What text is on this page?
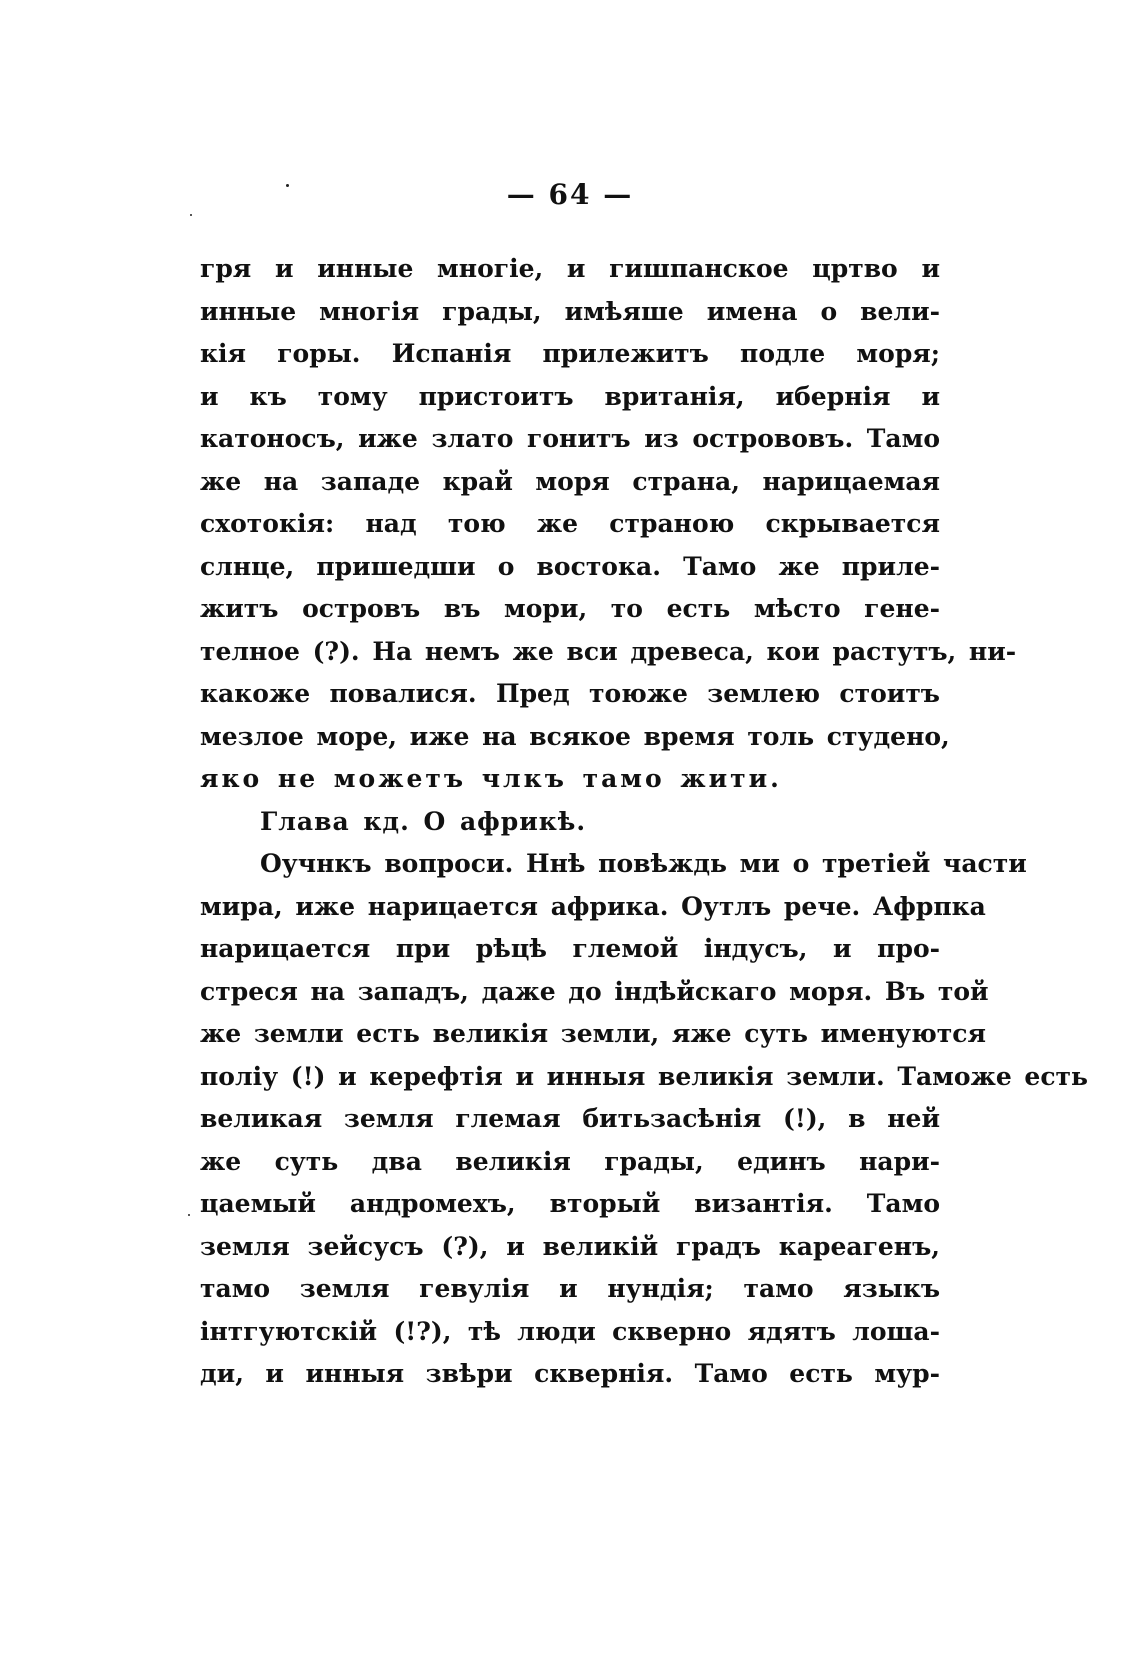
— 64 —
гря и инные многіе, и гишпанское цртво и
инные многія грады, имѣяше имена о вели-
кія горы. Испанія прилежитъ подле моря;
и къ тому пристоитъ вританія, ибернія и
катоносъ, иже злато гонитъ из острововъ. Тамо
же на западе край моря страна, нарицаемая
схотокія: над тою же страною скрывается
слнце, пришедши о востока. Тамо же приле-
житъ островъ въ мори, то есть мѣсто гене-
телное (?). На немъ же вси древеса, кои растутъ, ни-
какоже повалися. Пред тоюже землею стоитъ
мезлое море, иже на всякое время толь студено,
яко не можетъ члкъ тамо жити.
Глава кд. О африкѣ.
Оучнкъ вопроси. Ннѣ повѣждь ми о третіей части
мира, иже нарицается африка. Оутлъ рече. Афрпка
нарицается при рѣцѣ глемой індусъ, и про-
стреся на западъ, даже до індѣйскаго моря. Въ той
же земли есть великія земли, яже суть именуются
поліу (!) и керефтія и инныя великія земли. Таможе есть
великая земля глемая битьзасѣнія (!), в ней
же суть два великія грады, единъ нари-
цаемый андромехъ, вторый византія. Тамо
земля зейсусъ (?), и великій градъ кареагенъ,
тамо земля гевулія и нундія; тамо языкъ
інтгуютскій (!?), тѣ люди скверно ядятъ лоша-
ди, и инныя звѣри сквернія. Тамо есть мур-
